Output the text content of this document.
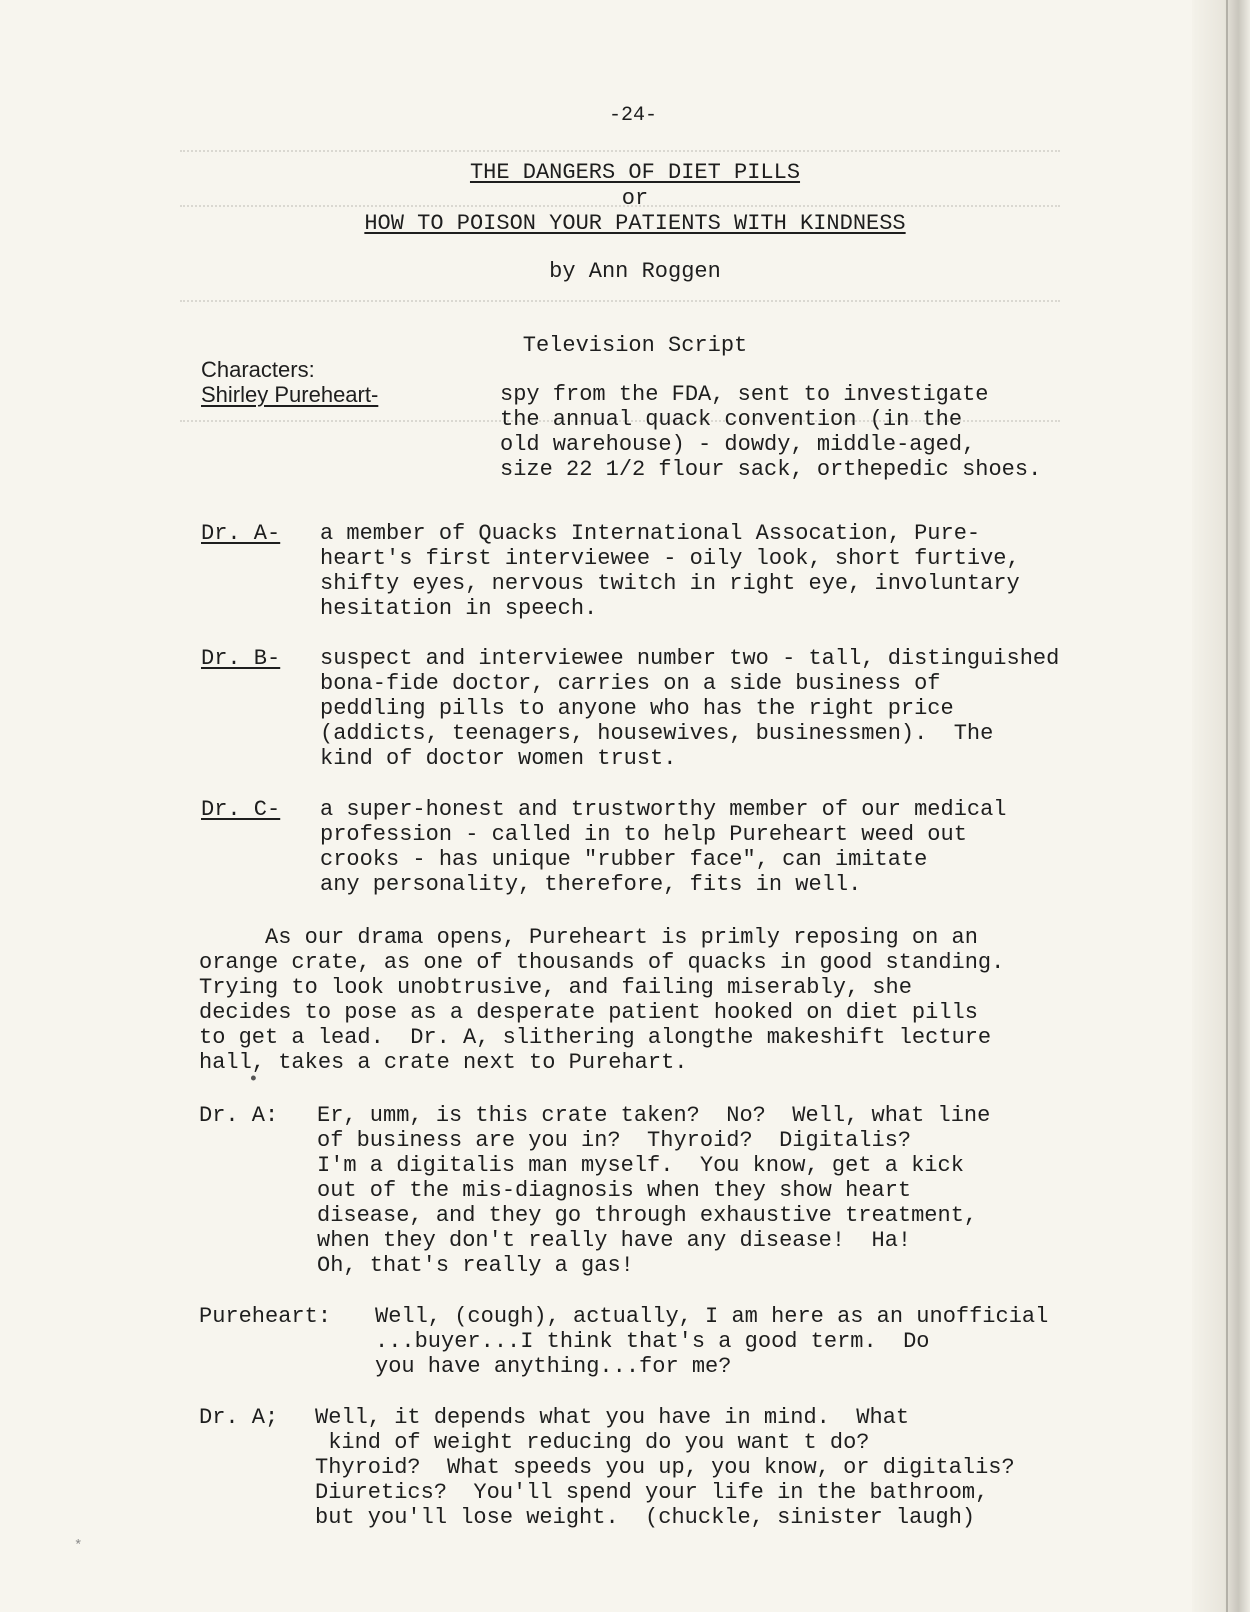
-24-
THE DANGERS OF DIET PILLS
or
HOW TO POISON YOUR PATIENTS WITH KINDNESS
by Ann Roggen
Television Script
Characters:
Shirley Pureheart-	spy from the FDA, sent to investigate
the annual quack convention (in the
old warehouse) - dowdy, middle-aged,
size 22 1/2 flour sack, orthepedic shoes.
Dr. A- a member of Quacks International Assocation, Pure-
heart's first interviewee - oily look, short furtive,
shifty eyes, nervous twitch in right eye, involuntary
hesitation in speech.
Dr. B- suspect and interviewee number two - tall, distinguished
bona-fide doctor, carries on a side business of
peddling pills to anyone who has the right price
(addicts, teenagers, housewives, businessmen).  The
kind of doctor women trust.
Dr. C- a super-honest and trustworthy member of our medical
profession - called in to help Pureheart weed out
crooks - has unique "rubber face", can imitate
any personality, therefore, fits in well.
As our drama opens, Pureheart is primly reposing on an
orange crate, as one of thousands of quacks in good standing.
Trying to look unobtrusive, and failing miserably, she
decides to pose as a desperate patient hooked on diet pills
to get a lead.  Dr. A, slithering alongthe makeshift lecture
hall, takes a crate next to Purehart.
•
Dr. A: Er, umm, is this crate taken?  No?  Well, what line
of business are you in?  Thyroid?  Digitalis?
I'm a digitalis man myself.  You know, get a kick
out of the mis-diagnosis when they show heart
disease, and they go through exhaustive treatment,
when they don't really have any disease!  Ha!
Oh, that's really a gas!
Pureheart: Well, (cough), actually, I am here as an unofficial
...buyer...I think that's a good term.  Do
you have anything...for me?
Dr. A; Well, it depends what you have in mind.  What
kind of weight reducing do you want t do?
Thyroid?  What speeds you up, you know, or digitalis?
Diuretics?  You'll spend your life in the bathroom,
but you'll lose weight.  (chuckle, sinister laugh)
*
